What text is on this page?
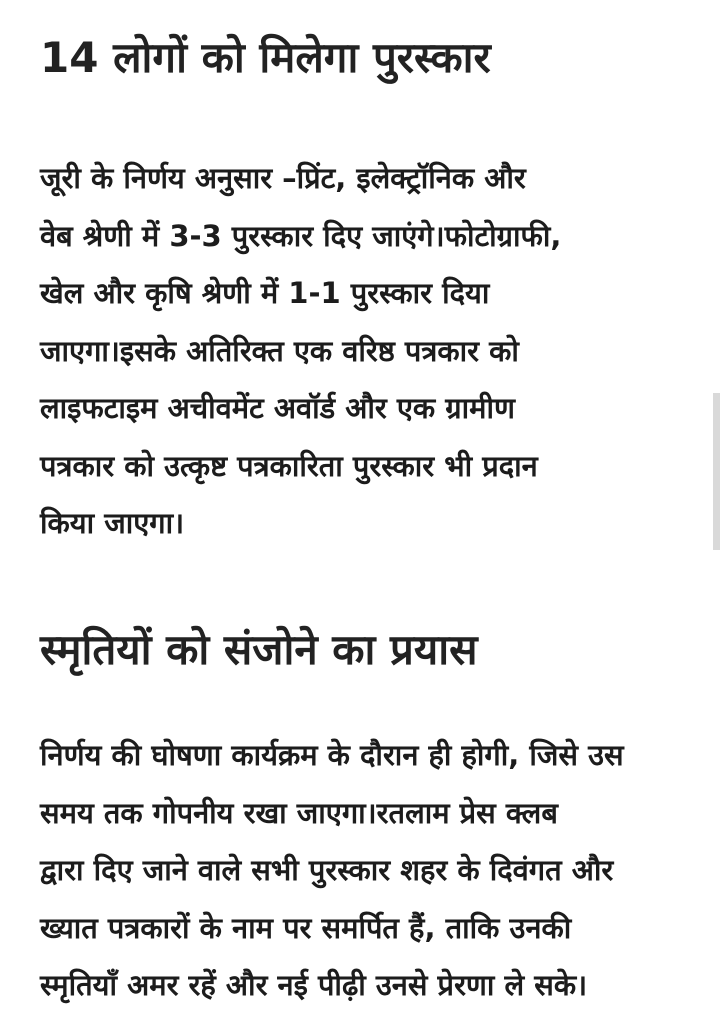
14 लोगों को मिलेगा पुरस्कार

जूरी के निर्णय अनुसार –प्रिंट, इलेक्ट्रॉनिक और
वेब श्रेणी में 3-3 पुरस्कार दिए जाएंगे।फोटोग्राफी,
खेल और कृषि श्रेणी में 1-1 पुरस्कार दिया
जाएगा।इसके अतिरिक्त एक वरिष्ठ पत्रकार को
लाइफटाइम अचीवमेंट अवॉर्ड और एक ग्रामीण
पत्रकार को उत्कृष्ट पत्रकारिता पुरस्कार भी प्रदान
किया जाएगा।

स्मृतियों को संजोने का प्रयास

निर्णय की घोषणा कार्यक्रम के दौरान ही होगी, जिसे उस
समय तक गोपनीय रखा जाएगा।रतलाम प्रेस क्लब
द्वारा दिए जाने वाले सभी पुरस्कार शहर के दिवंगत और
ख्यात पत्रकारों के नाम पर समर्पित हैं, ताकि उनकी
स्मृतियाँ अमर रहें और नई पीढ़ी उनसे प्रेरणा ले सके।
